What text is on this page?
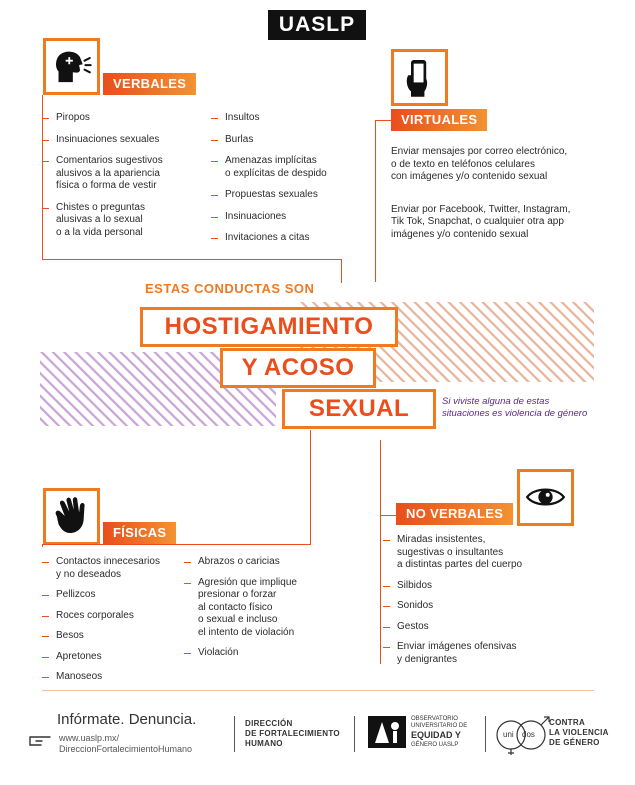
UASLP
VERBALES
Piropos
Insinuaciones sexuales
Comentarios sugestivos
alusivos a la apariencia
física o forma de vestir
Chistes o preguntas
alusivas a lo sexual
o a la vida personal
Insultos
Burlas
Amenazas implícitas
o explícitas de despido
Propuestas sexuales
Insinuaciones
Invitaciones a citas
VIRTUALES
Enviar mensajes por correo electrónico,
o de texto en teléfonos celulares
con imágenes y/o contenido sexual
Enviar por Facebook, Twitter, Instagram,
Tik Tok, Snapchat, o cualquier otra app
imágenes y/o contenido sexual
ESTAS CONDUCTAS SON
HOSTIGAMIENTO
Y ACOSO
SEXUAL	Si viviste alguna de estas
situaciones es violencia de género
FÍSICAS
Contactos innecesarios
y no deseados
Pellizcos
Roces corporales
Besos
Apretones
Manoseos
Abrazos o caricias
Agresión que implique
presionar o forzar
al contacto físico
o sexual e incluso
el intento de violación
Violación
NO VERBALES
Miradas insistentes,
sugestivas o insultantes
a distintas partes del cuerpo
Silbidos
Sonidos
Gestos
Enviar imágenes ofensivas
y denigrantes
Infórmate. Denuncia.
www.uaslp.mx/
DireccionFortalecimientoHumano
DIRECCIÓN
DE FORTALECIMIENTO
HUMANO
OBSERVATORIO
UNIVERSITARIO DE
EQUIDAD Y
GÉNERO UASLP
uni dos
CONTRA
LA VIOLENCIA
DE GÉNERO
